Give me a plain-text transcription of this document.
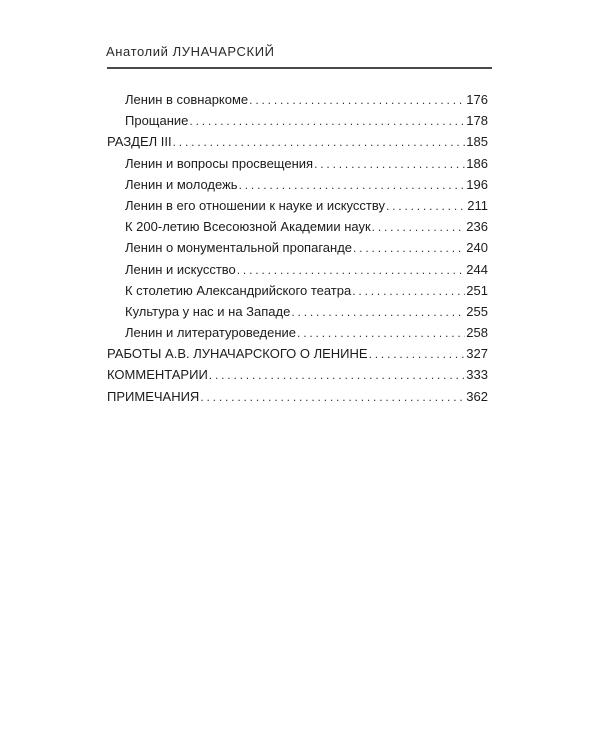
Анатолий ЛУНАЧАРСКИЙ
Ленин в совнаркоме . . .	176
Прощание . . .	178
РАЗДЕЛ III . . .	185
Ленин и вопросы просвещения . . .	186
Ленин и молодежь . . .	196
Ленин в его отношении к науке и искусству . . .	211
К 200-летию Всесоюзной Академии наук . . .	236
Ленин о монументальной пропаганде . . .	240
Ленин и искусство . . .	244
К столетию Александрийского театра . . .	251
Культура у нас и на Западе . . .	255
Ленин и литературоведение . . .	258
РАБОТЫ А.В. ЛУНАЧАРСКОГО О ЛЕНИНЕ . . .	327
КОММЕНТАРИИ . . .	333
ПРИМЕЧАНИЯ . . .	362
